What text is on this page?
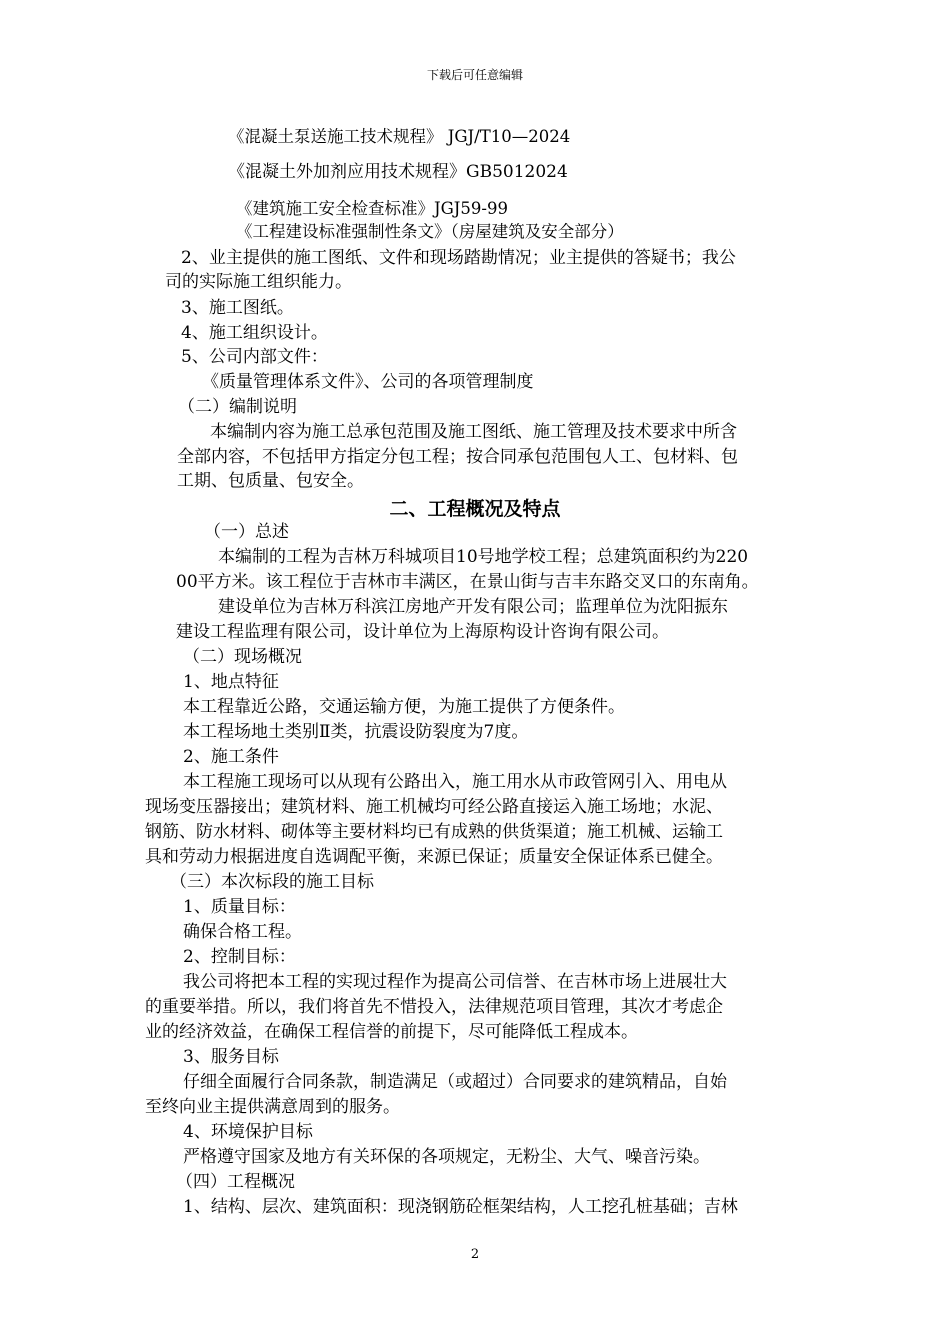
下载后可任意编辑
《混凝土泵送施工技术规程》 JGJ/T10—2024
《混凝土外加剂应用技术规程》GB5012024
《建筑施工安全检查标准》JGJ59-99
《工程建设标准强制性条文》（房屋建筑及安全部分）
2、业主提供的施工图纸、文件和现场踏勘情况；业主提供的答疑书；我公
司的实际施工组织能力。
3、施工图纸。
4、施工组织设计。
5、公司内部文件：
《质量管理体系文件》、公司的各项管理制度
（二）编制说明
本编制内容为施工总承包范围及施工图纸、施工管理及技术要求中所含
全部内容，不包括甲方指定分包工程；按合同承包范围包人工、包材料、包
工期、包质量、包安全。
二、工程概况及特点
（一）总述
本编制的工程为吉林万科城项目10号地学校工程；总建筑面积约为220
00平方米。该工程位于吉林市丰满区，在景山街与吉丰东路交叉口的东南角。
建设单位为吉林万科滨江房地产开发有限公司；监理单位为沈阳振东
建设工程监理有限公司，设计单位为上海原构设计咨询有限公司。
（二）现场概况
1、地点特征
本工程靠近公路，交通运输方便，为施工提供了方便条件。
本工程场地土类别Ⅱ类，抗震设防裂度为7度。
2、施工条件
本工程施工现场可以从现有公路出入，施工用水从市政管网引入、用电从
现场变压器接出；建筑材料、施工机械均可经公路直接运入施工场地；水泥、
钢筋、防水材料、砌体等主要材料均已有成熟的供货渠道；施工机械、运输工
具和劳动力根据进度自选调配平衡，来源已保证；质量安全保证体系已健全。
（三）本次标段的施工目标
1、质量目标：
确保合格工程。
2、控制目标：
我公司将把本工程的实现过程作为提高公司信誉、在吉林市场上进展壮大
的重要举措。所以，我们将首先不惜投入，法律规范项目管理，其次才考虑企
业的经济效益，在确保工程信誉的前提下，尽可能降低工程成本。
3、服务目标
仔细全面履行合同条款，制造满足（或超过）合同要求的建筑精品，自始
至终向业主提供满意周到的服务。
4、环境保护目标
严格遵守国家及地方有关环保的各项规定，无粉尘、大气、噪音污染。
（四）工程概况
1、结构、层次、建筑面积：现浇钢筋砼框架结构，人工挖孔桩基础；吉林
2
